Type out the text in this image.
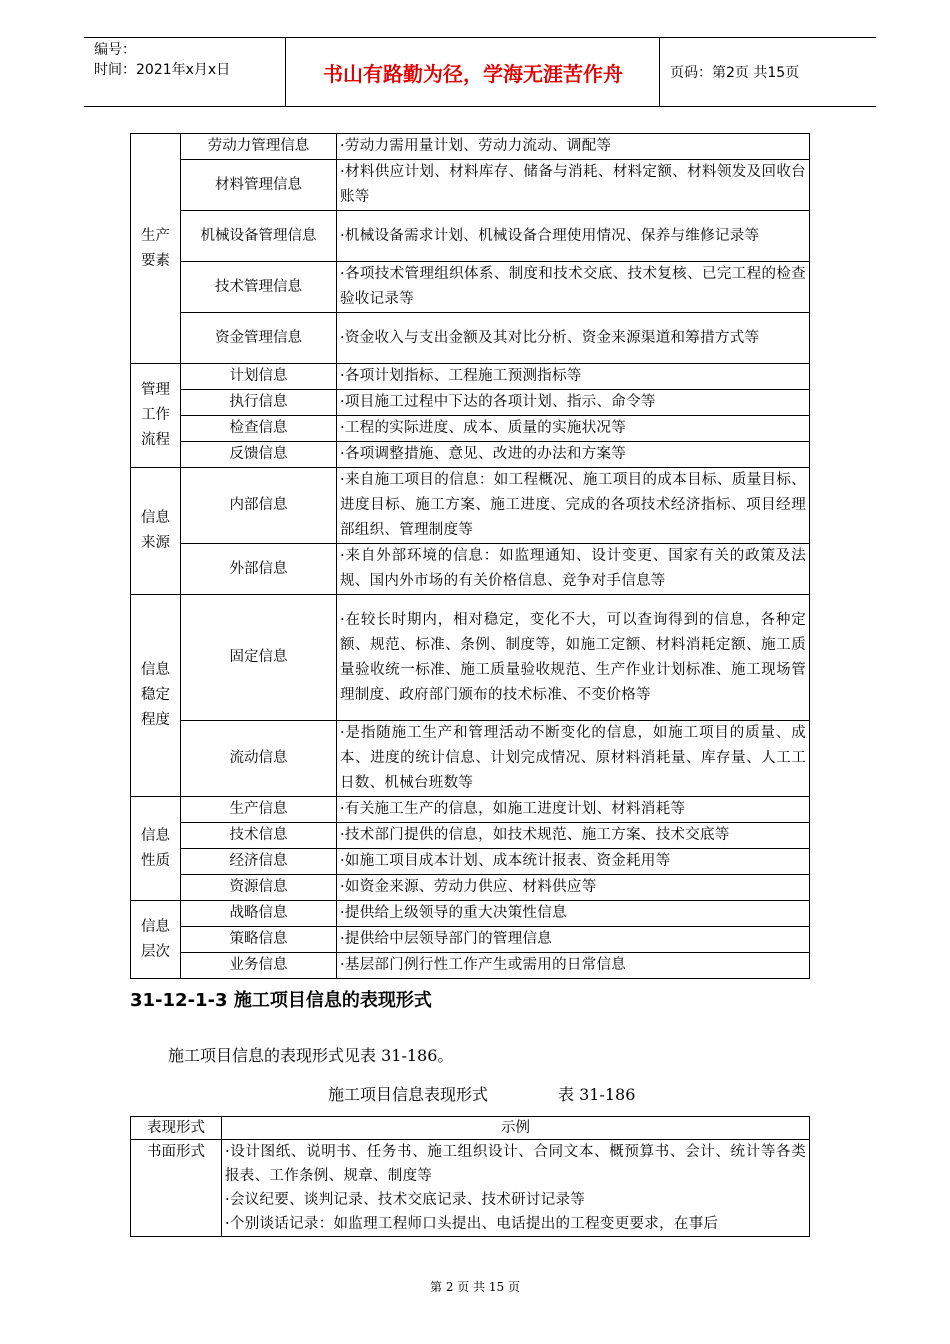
编号：
时间：2021年x月x日	书山有路勤为径，学海无涯苦作舟	页码：第2页 共15页
生产
要素	劳动力管理信息	·劳动力需用量计划、劳动力流动、调配等
	材料管理信息	·材料供应计划、材料库存、储备与消耗、材料定额、材料领发及回收台账等
	机械设备管理信息	·机械设备需求计划、机械设备合理使用情况、保养与维修记录等
	技术管理信息	·各项技术管理组织体系、制度和技术交底、技术复核、已完工程的检查验收记录等
	资金管理信息	·资金收入与支出金额及其对比分析、资金来源渠道和筹措方式等

管理
工作
流程	计划信息	·各项计划指标、工程施工预测指标等
	执行信息	·项目施工过程中下达的各项计划、指示、命令等
	检查信息	·工程的实际进度、成本、质量的实施状况等
	反馈信息	·各项调整措施、意见、改进的办法和方案等

信息
来源	内部信息	·来自施工项目的信息：如工程概况、施工项目的成本目标、质量目标、进度目标、施工方案、施工进度、完成的各项技术经济指标、项目经理部组织、管理制度等
	外部信息	·来自外部环境的信息：如监理通知、设计变更、国家有关的政策及法规、国内外市场的有关价格信息、竞争对手信息等

信息
稳定
程度	固定信息	·在较长时期内，相对稳定，变化不大，可以查询得到的信息，各种定额、规范、标准、条例、制度等，如施工定额、材料消耗定额、施工质量验收统一标准、施工质量验收规范、生产作业计划标准、施工现场管理制度、政府部门颁布的技术标准、不变价格等
	流动信息	·是指随施工生产和管理活动不断变化的信息，如施工项目的质量、成本、进度的统计信息、计划完成情况、原材料消耗量、库存量、人工工日数、机械台班数等

信息
性质	生产信息	·有关施工生产的信息，如施工进度计划、材料消耗等
	技术信息	·技术部门提供的信息，如技术规范、施工方案、技术交底等
	经济信息	·如施工项目成本计划、成本统计报表、资金耗用等
	资源信息	·如资金来源、劳动力供应、材料供应等

信息
层次	战略信息	·提供给上级领导的重大决策性信息
	策略信息	·提供给中层领导部门的管理信息
	业务信息	·基层部门例行性工作产生或需用的日常信息
31-12-1-3 施工项目信息的表现形式
施工项目信息的表现形式见表 31-186。
施工项目信息表现形式	表 31-186
表现形式	示例
书面形式	·设计图纸、说明书、任务书、施工组织设计、合同文本、概预算书、会计、统计等各类报表、工作条例、规章、制度等
·会议纪要、谈判记录、技术交底记录、技术研讨记录等
·个别谈话记录：如监理工程师口头提出、电话提出的工程变更要求，在事后
第 2 页 共 15 页
